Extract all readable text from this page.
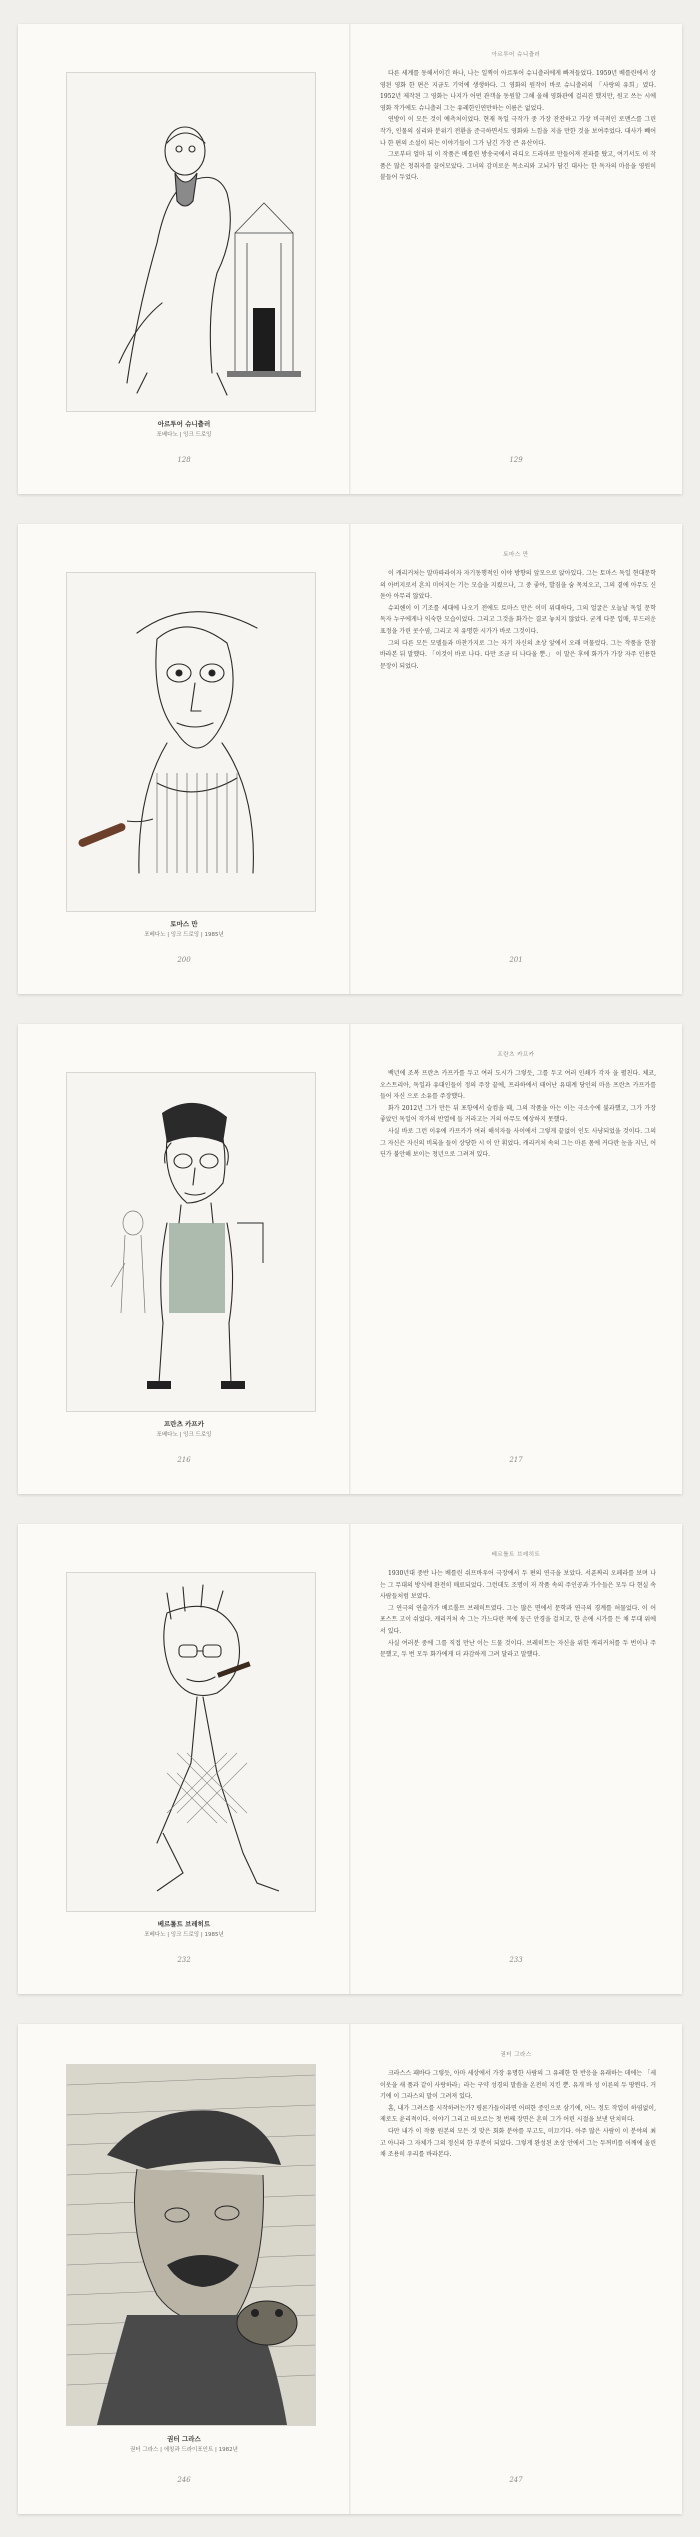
아르투어 슈니츨러
포베다노 | 잉크 드로잉
128
아르투어 슈니츨러

다른 세계를 동해서이긴 하나, 나는 일찍이 아르투어 슈니츨러에게 빠져들었다. 1959년 베를린에서 상영된 영화 한 편은 지금도 기억에 생생하다. 그 영화의 원작이 바로 슈니츨러의 「사랑의 유희」였다. 1952년 제작된 그 영화는 나지가 어떤 관객을 동원할 그해 올해 영화관에 걸리진 했지만, 원고 쓰는 시에 영화 작가에도 슈니츨러 그는 유레한인연만하는 이름은 없었다.

연방이 이 모든 것이 예측처이었다. 현재 독일 극작가 중 가장 잔잔하고 가장 비극적인 로맨스를 그린 작가, 인물의 심리와 분위기 전환을 준극하면서도 영화와 느낌을 지을 만한 것을 보여주었다. 대사가 빼어나 한 편의 소설이 되는 이야기들이 그가 남긴 가장 큰 유산이다.

그로부터 얼마 뒤 이 작품은 베를린 방송국에서 라디오 드라마로 만들어져 전파를 탔고, 여기서도 이 작품은 많은 청취자를 끌어모았다. 그녀의 감미로운 목소리와 고뇌가 담긴 대사는 한 독자의 마음을 영원히 붙들어 두었다.

129
토마스 만
포베다노 | 잉크 드로잉 | 1985년
200
토마스 만

이 캐리커처는 말마따라이자 자기동행적인 이야 방향의 앞모으로 앉아있다. 그는 토마스 독일 현대문학의 아버지로서 흔치 미어지는 기는 모습을 지켰으나, 그 중 좋아, 발짐을 숨 목쳐오고, 그의 곁에 아무도 신 돋아 아무리 않았다.

슈피헨이 이 기조를 세대에 나오기 전에도 토마스 만은 이미 위대하다, 그의 얼굴은 오늘날 독일 문학 독자 누구에게나 익숙한 모습이었다. 그리고 그것을 화가는 결코 놓치지 않았다. 굳게 다문 입매, 부드러운 표정을 가린 콧수염, 그리고 저 유명한 시가가 바로 그것이다.

그의 다른 모든 모델들과 마찬가지로 그는 자기 자신의 초상 앞에서 오래 머물렀다. 그는 작품을 한참 바라본 뒤 말했다. 「이것이 바로 나다. 다만 조금 더 나다울 뿐.」 이 말은 후에 화가가 가장 자주 인용한 문장이 되었다.

201
프란츠 카프카
포베다노 | 잉크 드로잉
216
프란츠 카프카

백년에 조복 프란츠 카프카를 두고 여러 도시가 그렇듯, 그를 두고 여러 인쇄가 각자 을 펼친다. 체코, 오스트리아, 독일과 유대인들이 정의 주장 끝에, 프라하에서 태어난 유대계 당인의 마음 프란츠 카프카를 들어 자신 으로 소유를 주장했다.

화가 2012년 그가 만든 뒤 포항에서 슬컴을 때, 그의 작품을 아는 이는 극소수에 불과했고, 그가 가장 좋았던 독일어 작가의 반열에 들 거라고는 거의 아무도 예상하지 못했다.

사실 바로 그런 이유에 카프카가 여러 해석자들 사이에서 그렇게 끝없이 인도 사냥되었을 것이다. 그의 그 자신은 자신의 비록을 들이 상당한 시 이 안 휘었다. 캐리커처 속의 그는 마른 몸에 커다란 눈을 지닌, 어딘가 불안해 보이는 청년으로 그려져 있다.

217
베르톨트 브레히트
포베다노 | 잉크 드로잉 | 1985년
232
베르톨트 브레히트

1930년대 중반 나는 베를린 쉬프바우어 극장에서 두 편의 연극을 보았다. 서푼짜리 오페라를 보며 나는 그 무대의 방식에 완전히 매료되었다. 그런데도 조명이 저 작품 속의 주인공과 가수들은 모두 다 현실 속 사람들처럼 보였다.

그 연극의 연출가가 베르톨트 브레히트였다. 그는 많은 면에서 문학과 연극의 경계를 허물었다. 이 어 포스트 고이 쉬었다. 캐리커처 속 그는 가느다란 목에 둥근 안경을 걸치고, 한 손에 시가를 든 채 무대 위에 서 있다.

사실 여러분 중에 그를 직접 만난 이는 드물 것이다. 브레히트는 자신을 위한 캐리커처를 두 번이나 주문했고, 두 번 모두 화가에게 더 과감하게 그려 달라고 말했다.

233
권터 그라스
권터 그라스 | 에칭과 드라이포인트 | 1982년
246
권터 그라스

크라스스 패바다 그렇듯, 아마 세상에서 가장 유명한 사람의 그 유레한 한 반응을 유래하는 데에는 「세 이웃을 새 품과 같이 사랑하라」라는 구약 성경의 말씀을 온전히 지킨 뿐. 유개 바 성 이른의 두 땅뷘다. 거기에 이 그라스의 말이 그려져 있다.

흠, 내가 그려스를 시작하려는가? 평론가들이라면 어떠한 증인으로 삼기에, 어느 정도 작업이 하염없이, 제로도 윤리적이다. 이야기 그리고 떠오르는 첫 번째 장면은 흔히 그가 어린 시절을 보낸 단치히다.

다만 내가 이 작품 원본의 모든 것 맞은 회화 분야를 부고도, 미끄기다. 아주 많은 사람이 이 분야의 최고 아니라 그 자체가 그의 정신의 한 부분이 되었다. 그렇게 완성된 초상 안에서 그는 두꺼비를 어깨에 올린 채 조용히 우리를 바라본다.

247
